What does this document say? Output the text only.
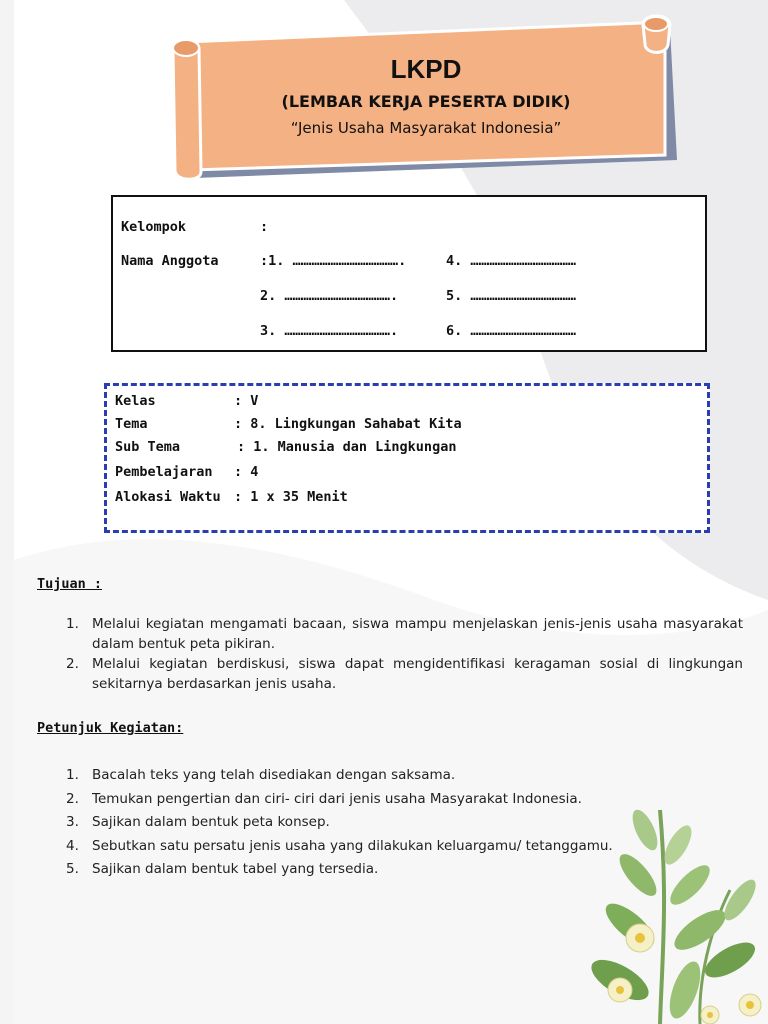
LKPD
(LEMBAR KERJA PESERTA DIDIK)
“Jenis Usaha Masyarakat Indonesia”
Kelompok	:
Nama Anggota	:1. ………………………………….
2. ………………………………….
3. ………………………………….
4. …………………………………
5. …………………………………
6. …………………………………
Kelas	: V
Tema	: 8. Lingkungan Sahabat Kita
Sub Tema	: 1. Manusia dan Lingkungan
Pembelajaran : 4
Alokasi Waktu : 1 x 35 Menit
Tujuan :
1. Melalui kegiatan mengamati bacaan, siswa mampu menjelaskan jenis-jenis usaha masyarakat dalam bentuk peta pikiran.
2. Melalui kegiatan berdiskusi, siswa dapat mengidentifikasi keragaman sosial di lingkungan sekitarnya berdasarkan jenis usaha.
Petunjuk Kegiatan:
1. Bacalah teks yang telah disediakan dengan saksama.
2. Temukan pengertian dan ciri- ciri dari jenis usaha Masyarakat Indonesia.
3. Sajikan dalam bentuk peta konsep.
4. Sebutkan satu persatu jenis usaha yang dilakukan keluargamu/ tetanggamu.
5. Sajikan dalam bentuk tabel yang tersedia.
